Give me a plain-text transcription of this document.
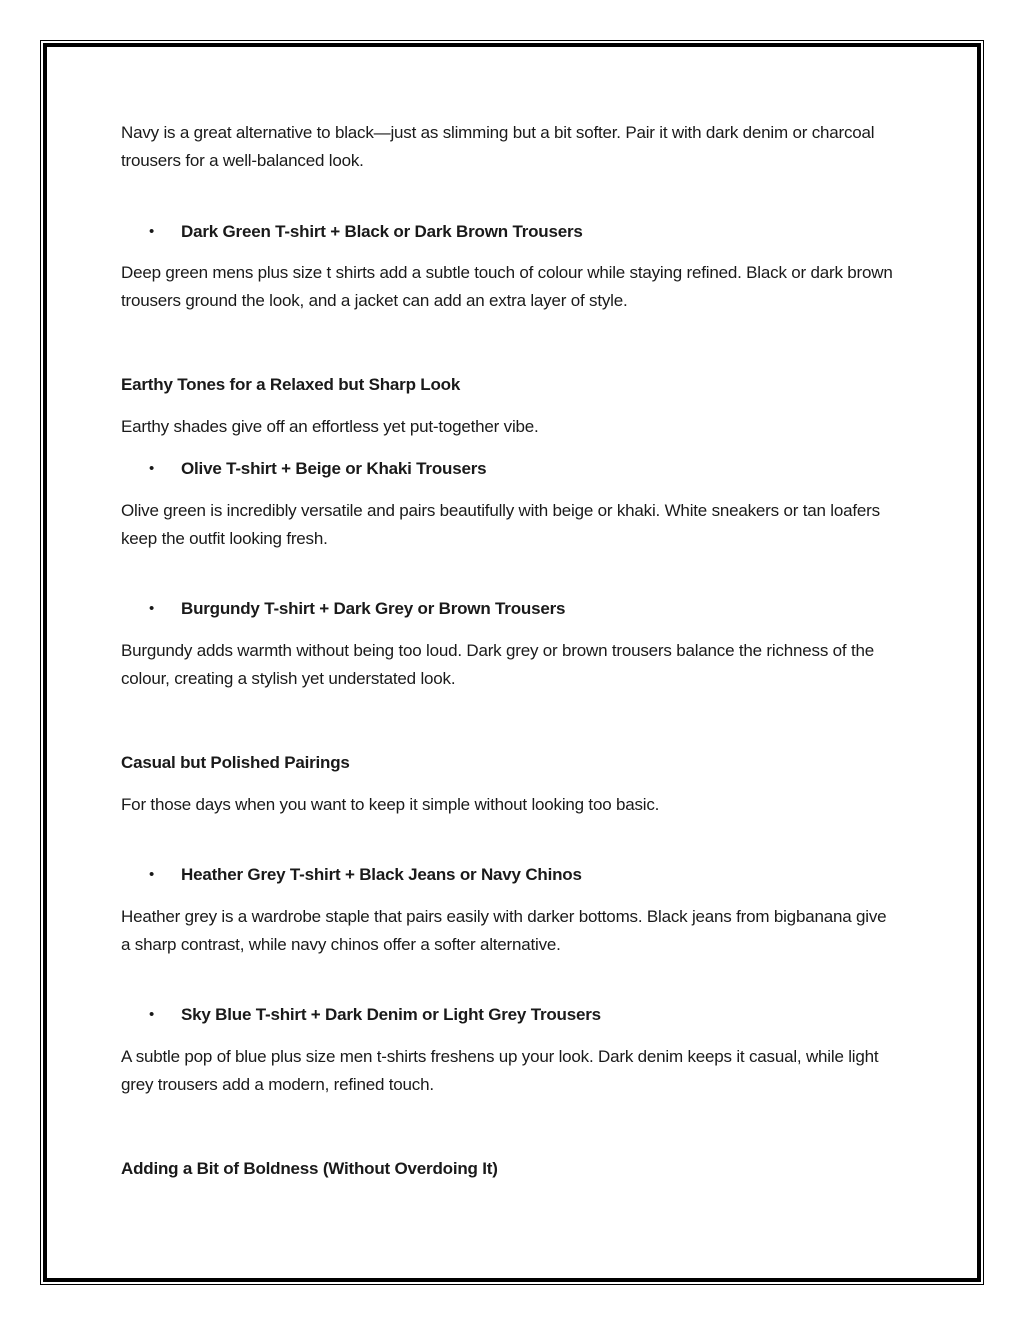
Navy is a great alternative to black—just as slimming but a bit softer. Pair it with dark denim or charcoal trousers for a well-balanced look.
• Dark Green T-shirt + Black or Dark Brown Trousers
Deep green mens plus size t shirts add a subtle touch of colour while staying refined. Black or dark brown trousers ground the look, and a jacket can add an extra layer of style.
Earthy Tones for a Relaxed but Sharp Look
Earthy shades give off an effortless yet put-together vibe.
• Olive T-shirt + Beige or Khaki Trousers
Olive green is incredibly versatile and pairs beautifully with beige or khaki. White sneakers or tan loafers keep the outfit looking fresh.
• Burgundy T-shirt + Dark Grey or Brown Trousers
Burgundy adds warmth without being too loud. Dark grey or brown trousers balance the richness of the colour, creating a stylish yet understated look.
Casual but Polished Pairings
For those days when you want to keep it simple without looking too basic.
• Heather Grey T-shirt + Black Jeans or Navy Chinos
Heather grey is a wardrobe staple that pairs easily with darker bottoms. Black jeans from bigbanana give a sharp contrast, while navy chinos offer a softer alternative.
• Sky Blue T-shirt + Dark Denim or Light Grey Trousers
A subtle pop of blue plus size men t-shirts freshens up your look. Dark denim keeps it casual, while light grey trousers add a modern, refined touch.
Adding a Bit of Boldness (Without Overdoing It)
